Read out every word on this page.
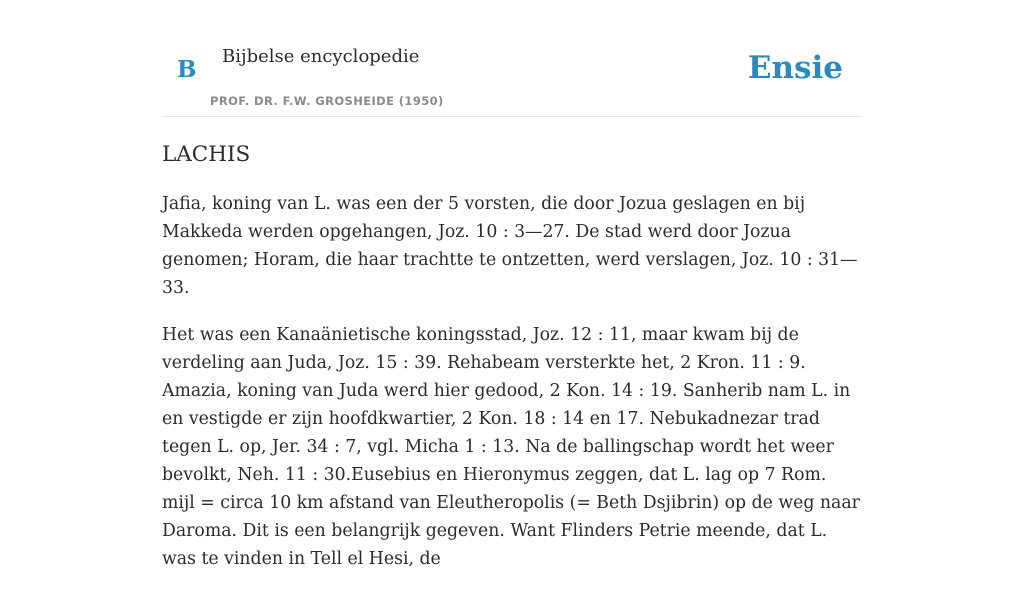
B Bijbelse encyclopedie
PROF. DR. F.W. GROSHEIDE (1950)
Ensie
LACHIS

Jafia, koning van L. was een der 5 vorsten, die door Jozua geslagen en bij Makkeda werden opgehangen, Joz. 10 : 3—27. De stad werd door Jozua genomen; Horam, die haar trachtte te ontzetten, werd verslagen, Joz. 10 : 31—33.

Het was een Kanaänietische koningsstad, Joz. 12 : 11, maar kwam bij de verdeling aan Juda, Joz. 15 : 39. Rehabeam versterkte het, 2 Kron. 11 : 9. Amazia, koning van Juda werd hier gedood, 2 Kon. 14 : 19. Sanherib nam L. in en vestigde er zijn hoofdkwartier, 2 Kon. 18 : 14 en 17. Nebukadnezar trad tegen L. op, Jer. 34 : 7, vgl. Micha 1 : 13. Na de ballingschap wordt het weer bevolkt, Neh. 11 : 30.Eusebius en Hieronymus zeggen, dat L. lag op 7 Rom. mijl = circa 10 km afstand van Eleutheropolis (= Beth Dsjibrin) op de weg naar Daroma. Dit is een belangrijk gegeven. Want Flinders Petrie meende, dat L. was te vinden in Tell el Hesi, de
